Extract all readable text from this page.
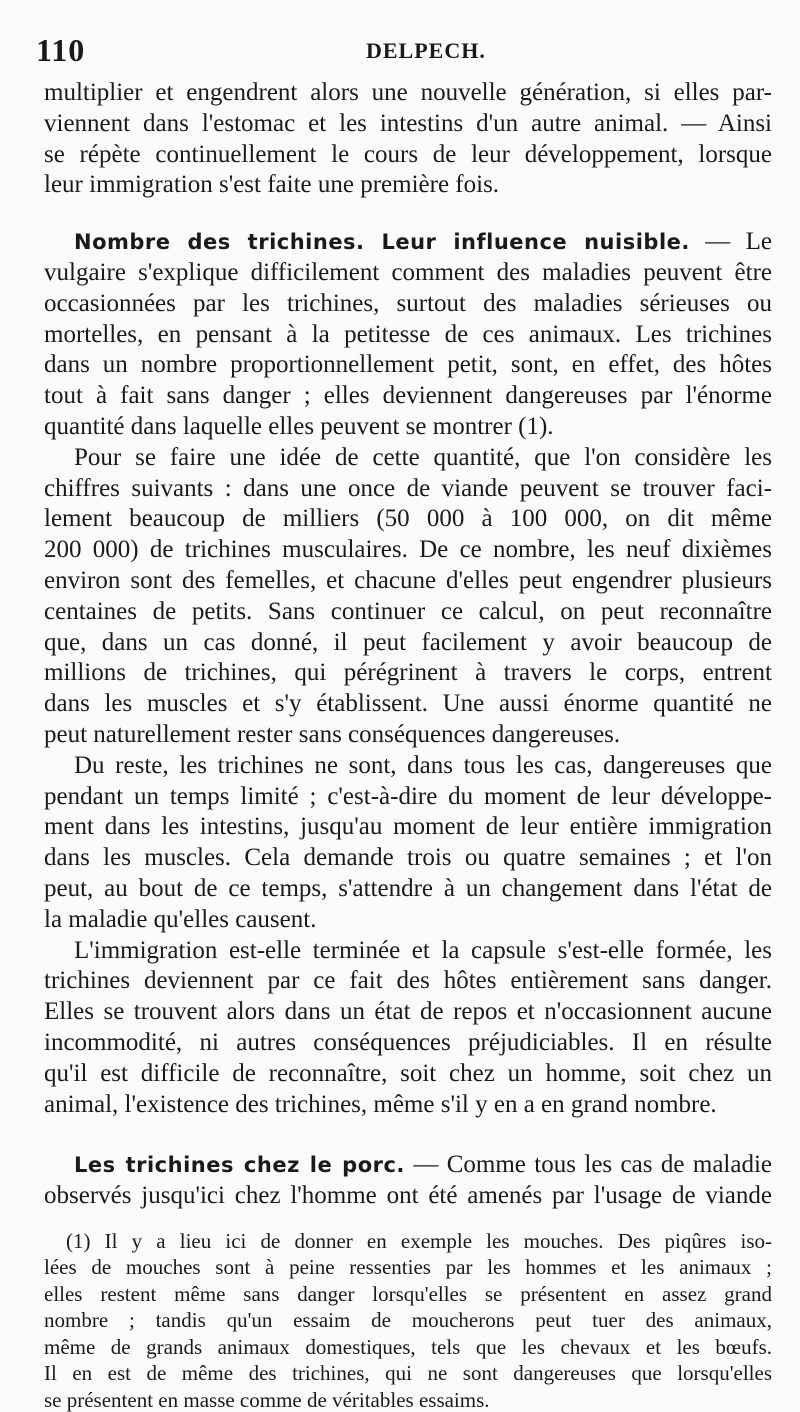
110	DELPECH.
multiplier et engendrent alors une nouvelle génération, si elles par-
viennent dans l'estomac et les intestins d'un autre animal. — Ainsi
se répète continuellement le cours de leur développement, lorsque
leur immigration s'est faite une première fois.
Nombre des trichines. Leur influence nuisible. — Le
vulgaire s'explique difficilement comment des maladies peuvent être
occasionnées par les trichines, surtout des maladies sérieuses ou
mortelles, en pensant à la petitesse de ces animaux. Les trichines
dans un nombre proportionnellement petit, sont, en effet, des hôtes
tout à fait sans danger ; elles deviennent dangereuses par l'énorme
quantité dans laquelle elles peuvent se montrer (1).
Pour se faire une idée de cette quantité, que l'on considère les
chiffres suivants : dans une once de viande peuvent se trouver faci-
lement beaucoup de milliers (50 000 à 100 000, on dit même
200 000) de trichines musculaires. De ce nombre, les neuf dixièmes
environ sont des femelles, et chacune d'elles peut engendrer plusieurs
centaines de petits. Sans continuer ce calcul, on peut reconnaître
que, dans un cas donné, il peut facilement y avoir beaucoup de
millions de trichines, qui pérégrinent à travers le corps, entrent
dans les muscles et s'y établissent. Une aussi énorme quantité ne
peut naturellement rester sans conséquences dangereuses.
Du reste, les trichines ne sont, dans tous les cas, dangereuses que
pendant un temps limité ; c'est-à-dire du moment de leur développe-
ment dans les intestins, jusqu'au moment de leur entière immigration
dans les muscles. Cela demande trois ou quatre semaines ; et l'on
peut, au bout de ce temps, s'attendre à un changement dans l'état de
la maladie qu'elles causent.
L'immigration est-elle terminée et la capsule s'est-elle formée, les
trichines deviennent par ce fait des hôtes entièrement sans danger.
Elles se trouvent alors dans un état de repos et n'occasionnent aucune
incommodité, ni autres conséquences préjudiciables. Il en résulte
qu'il est difficile de reconnaître, soit chez un homme, soit chez un
animal, l'existence des trichines, même s'il y en a en grand nombre.
Les trichines chez le porc. — Comme tous les cas de maladie
observés jusqu'ici chez l'homme ont été amenés par l'usage de viande
(1) Il y a lieu ici de donner en exemple les mouches. Des piqûres iso-
lées de mouches sont à peine ressenties par les hommes et les animaux ;
elles restent même sans danger lorsqu'elles se présentent en assez grand
nombre ; tandis qu'un essaim de moucherons peut tuer des animaux,
même de grands animaux domestiques, tels que les chevaux et les bœufs.
Il en est de même des trichines, qui ne sont dangereuses que lorsqu'elles
se présentent en masse comme de véritables essaims.
